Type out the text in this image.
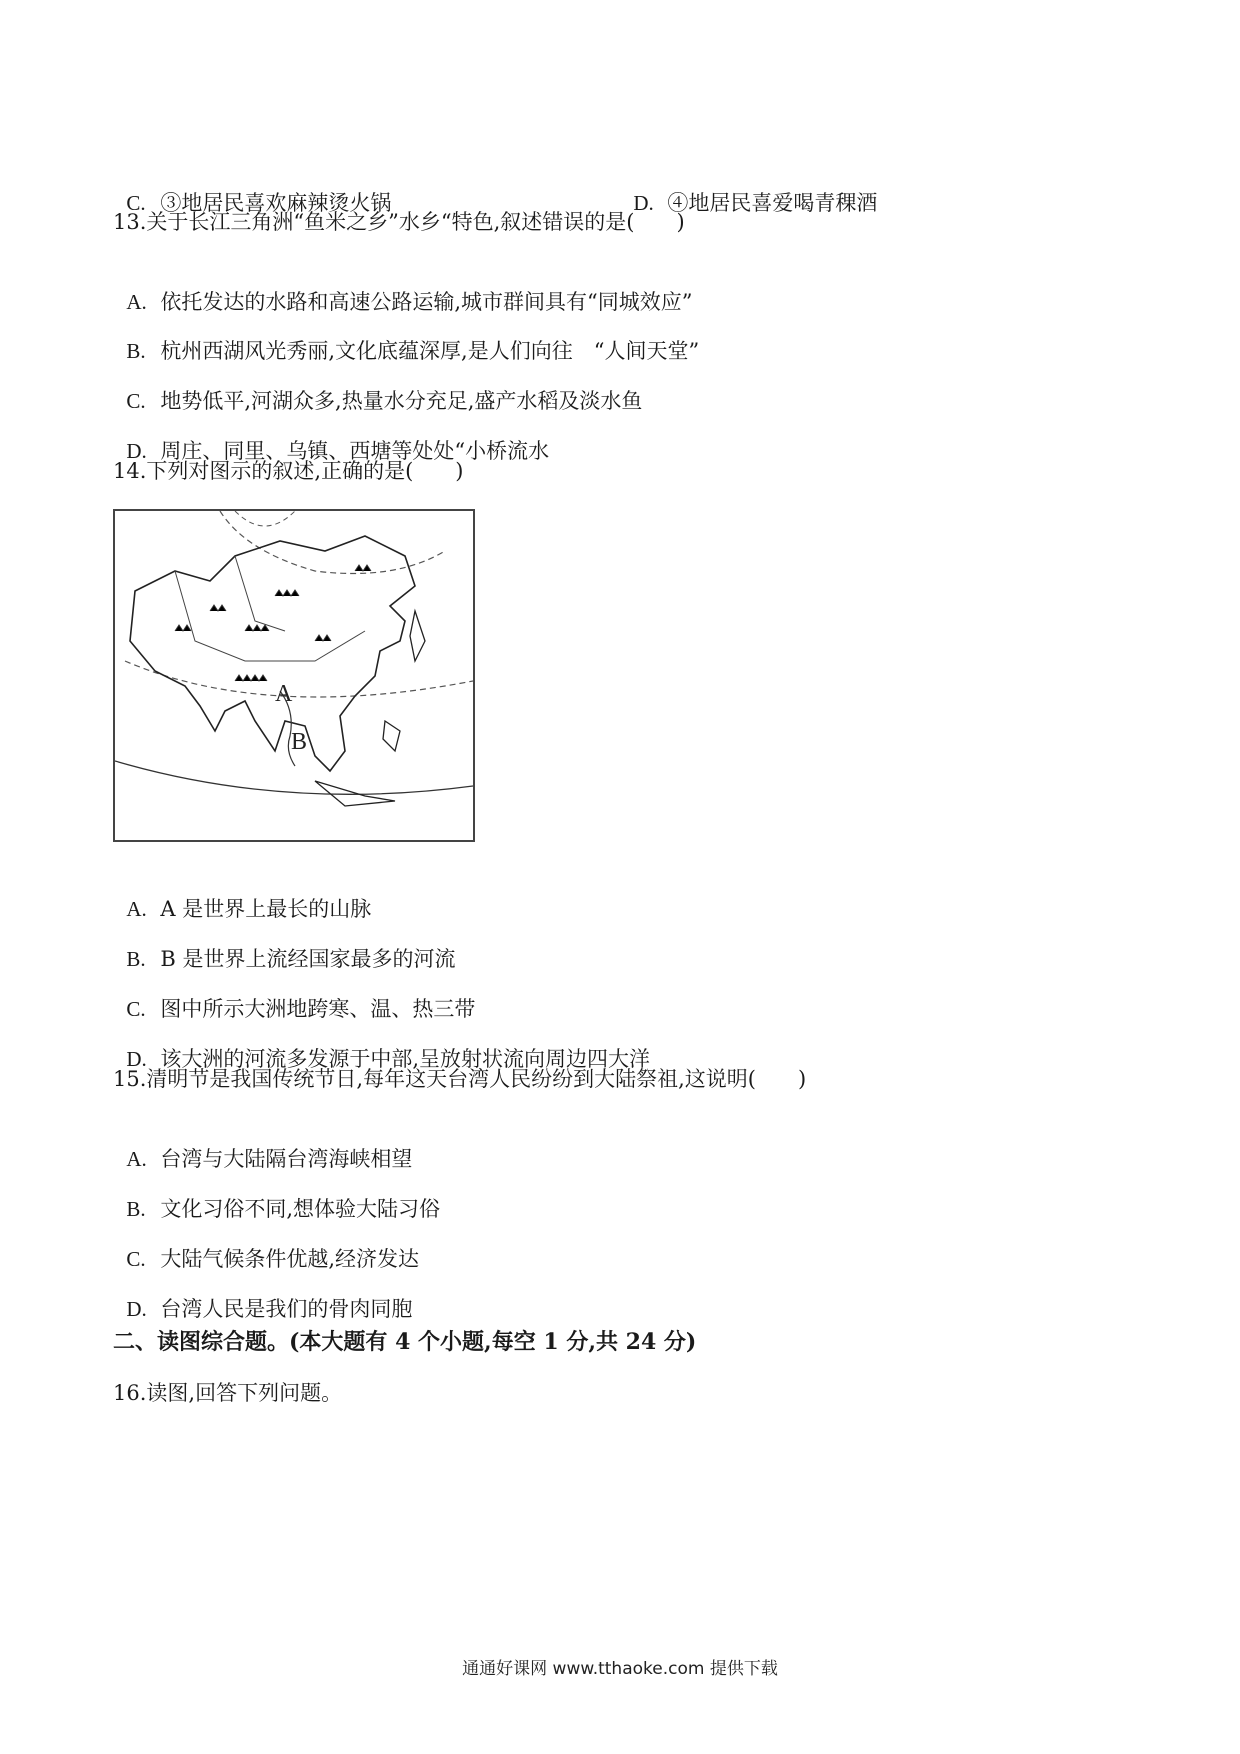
C. ③地居民喜欢麻辣烫火锅	D. ④地居民喜爱喝青稞酒

13.关于长江三角洲“鱼米之乡”水乡“特色,叙述错误的是(　　)

A. 依托发达的水路和高速公路运输,城市群间具有“同城效应”

B. 杭州西湖风光秀丽,文化底蕴深厚,是人们向往　“人间天堂”

C. 地势低平,河湖众多,热量水分充足,盛产水稻及淡水鱼

D. 周庄、同里、乌镇、西塘等处处“小桥流水

14.下列对图示的叙述,正确的是(　　)
A
B

A. A 是世界上最长的山脉

B. B 是世界上流经国家最多的河流

C. 图中所示大洲地跨寒、温、热三带

D. 该大洲的河流多发源于中部,呈放射状流向周边四大洋

15.清明节是我国传统节日,每年这天台湾人民纷纷到大陆祭祖,这说明(　　)

A. 台湾与大陆隔台湾海峡相望

B. 文化习俗不同,想体验大陆习俗

C. 大陆气候条件优越,经济发达

D. 台湾人民是我们的骨肉同胞

二、读图综合题。(本大题有 4 个小题,每空 1 分,共 24 分)
16.读图,回答下列问题。
通通好课网 www.tthaoke.com 提供下载
